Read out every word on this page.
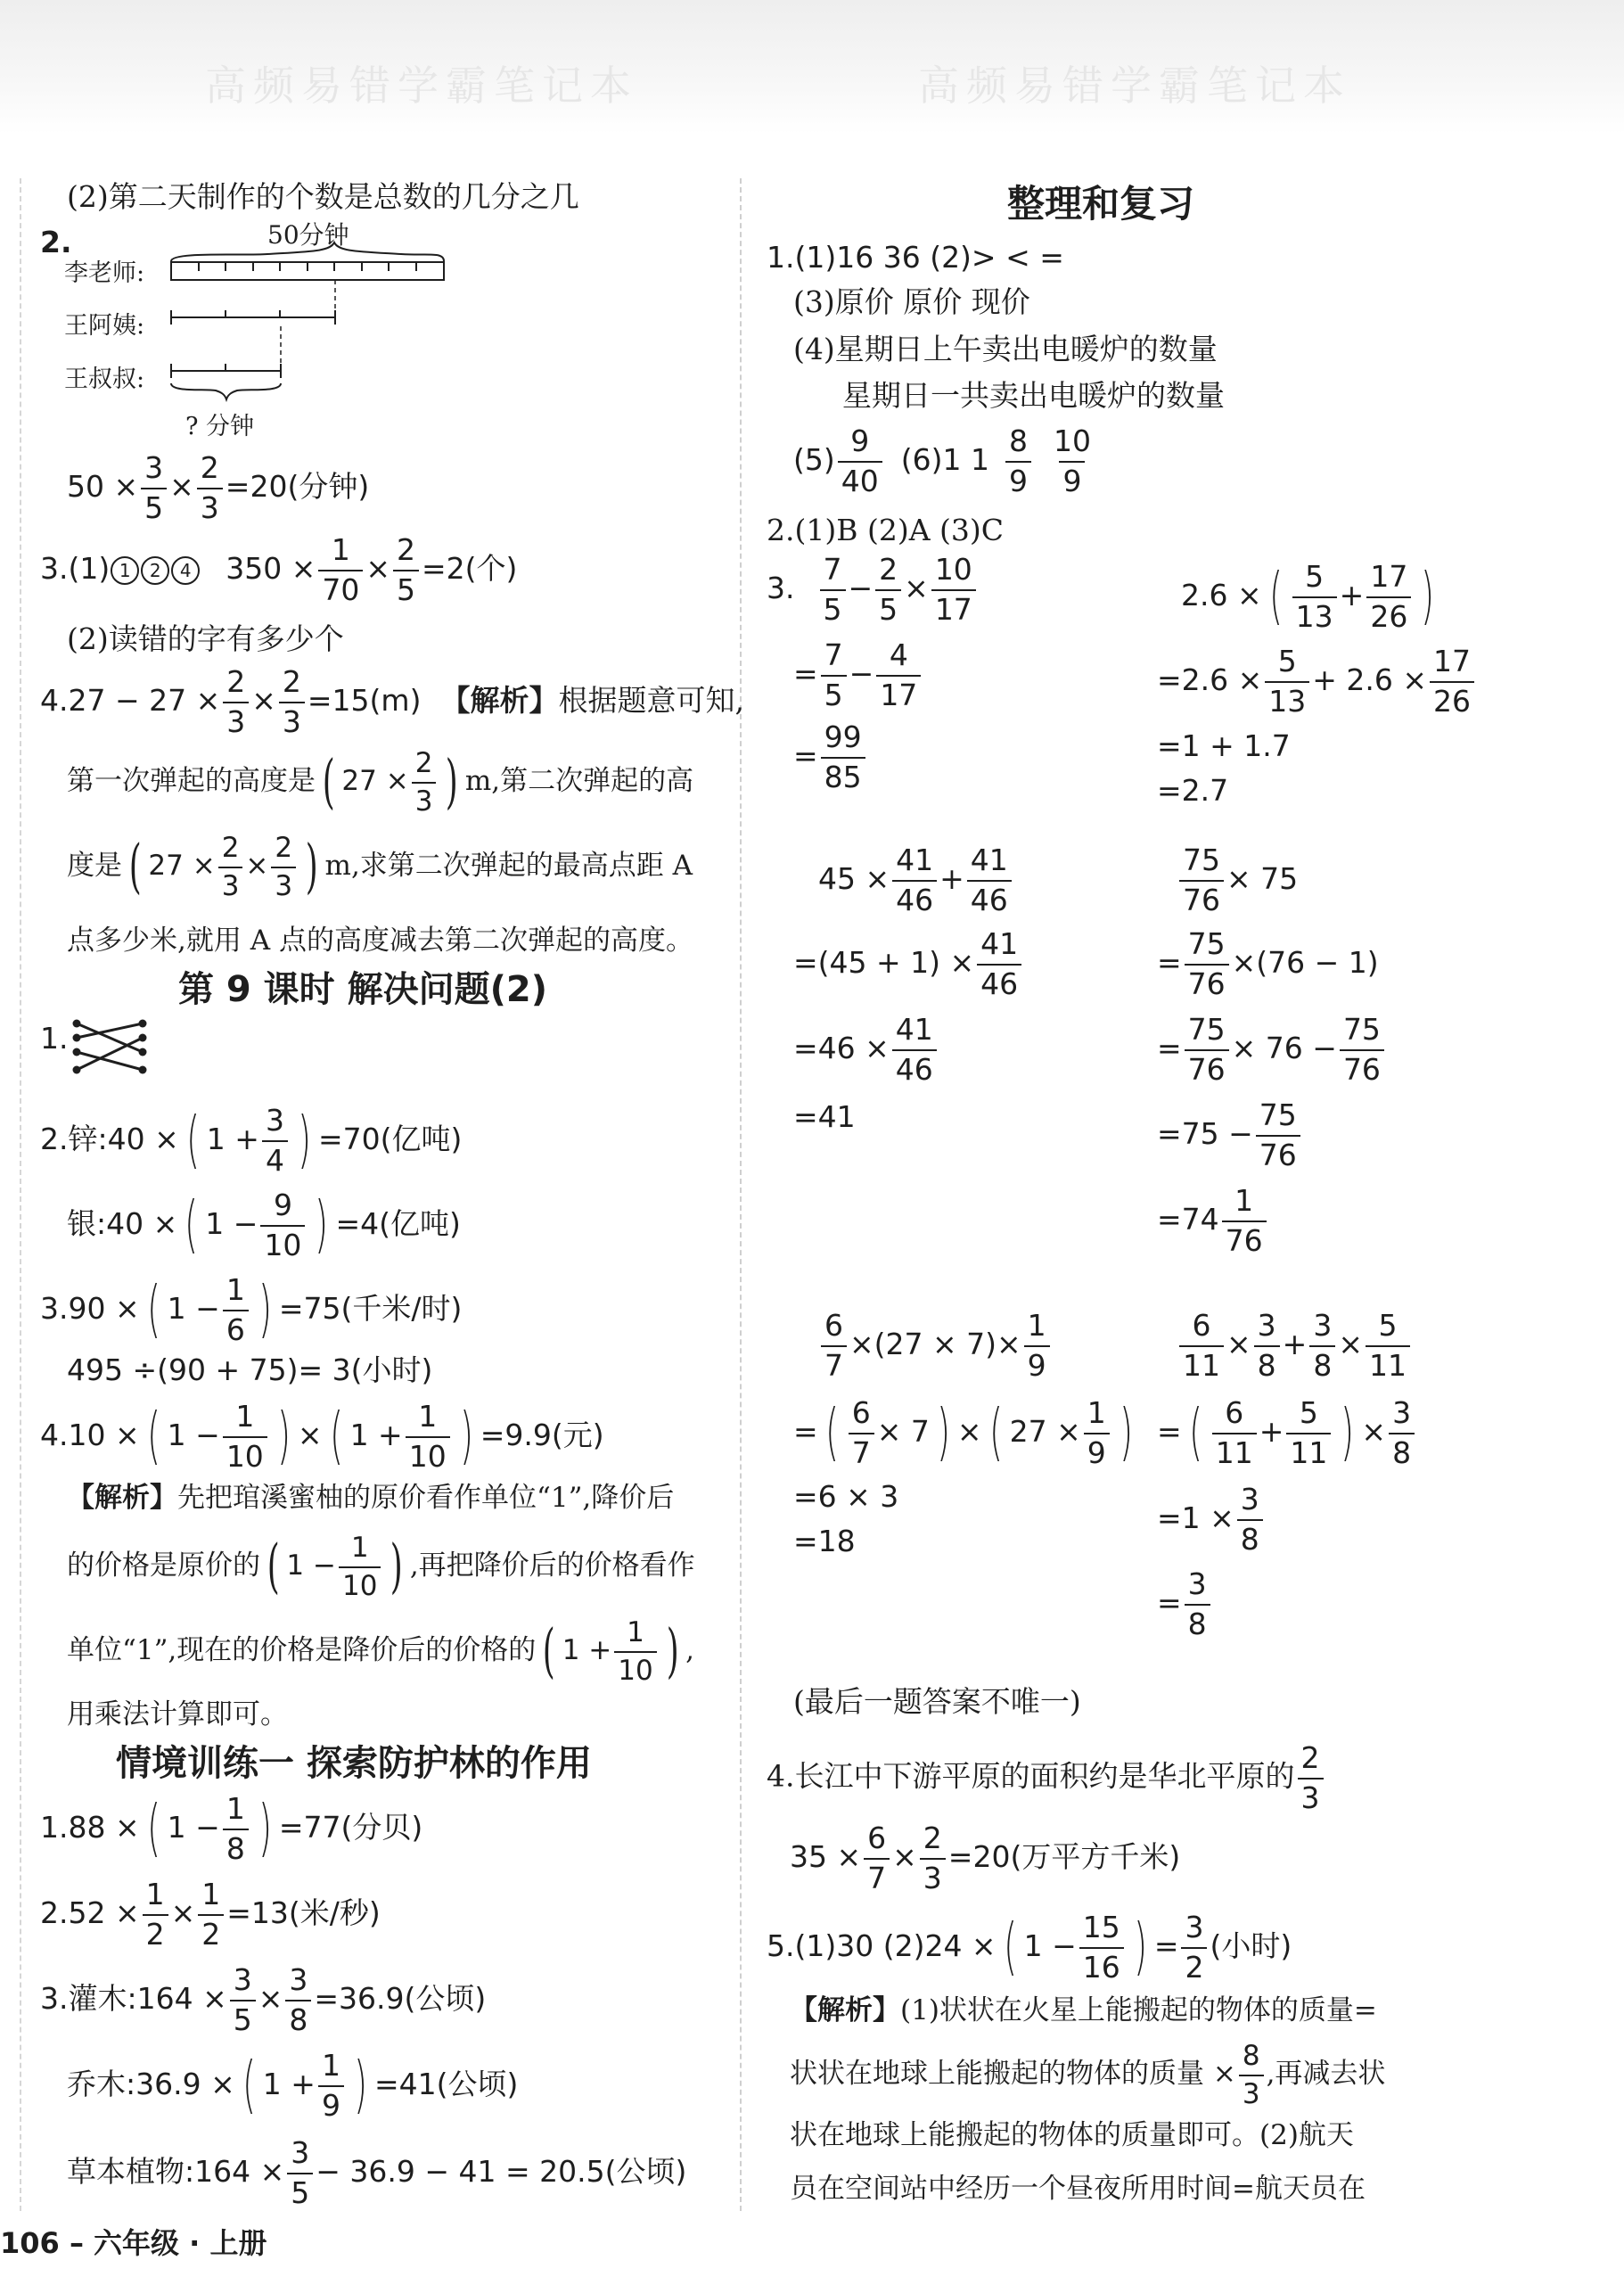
高频易错学霸笔记本	高频易错学霸笔记本
(2)第二天制作的个数是总数的几分之几
2.	50分钟
李老师:
王阿姨:
王叔叔:
? 分钟
$50 \times \frac{3}{5} \times \frac{2}{3} =20$(分钟)
3.(1) 1 2 4 $350 \times \frac{1}{70} \times \frac{2}{5} =2$(个)
(2)读错的字有多少个
$4.27 - 27 \times \frac{2}{3} \times \frac{2}{3} =15(m)$ 【解析】根据题意可知,
第一次弹起的高度是 ( $27 \times \frac{2}{3}$ ) m,第二次弹起的高
度是 ( $27 \times \frac{2}{3} \times \frac{2}{3}$ ) m,求第二次弹起的最高点距 A
点多少米,就用 A 点的高度减去第二次弹起的高度。
第 9 课时 解决问题(2)
1.
2.锌:40 × ( $1 + \frac{3}{4}$ ) =70(亿吨)
银:40 × ( $1 - \frac{9}{10}$ ) =4(亿吨)
3.90 × ( $1 - \frac{1}{6}$ ) =75(千米/时)
495 ÷(90 + 75)= 3(小时)
4.10 × ( $1 - \frac{1}{10}$ ) × ( $1 + \frac{1}{10}$ ) =9.9(元)
【解析】先把琯溪蜜柚的原价看作单位“1”,降价后
的价格是原价的 ( $1 - \frac{1}{10}$ ) ,再把降价后的价格看作
单位“1”,现在的价格是降价后的价格的 ( $1 + \frac{1}{10}$ ) ,
用乘法计算即可。
情境训练一 探索防护林的作用
1.88 × ( $1 - \frac{1}{8}$ ) =77(分贝)
$2.52 \times \frac{1}{2} \times \frac{1}{2} =13$(米/秒)
3.灌木:164 × $\frac{3}{5} \times \frac{3}{8} =36.9$(公顷)
乔木:36.9 × ( $1 + \frac{1}{9}$ ) =41(公顷)
草本植物:164 × $\frac{3}{5} - 36.9 - 41 = 20.5$(公顷)
106 – 六年级 · 上册
整理和复习
1.(1)16 36 (2)> < =
(3)原价 原价 现价
(4)星期日上午卖出电暖炉的数量
星期日一共卖出电暖炉的数量
$(5) \frac{9}{40} (6)1$ $1 \frac{8}{9} \frac{10}{9}$
2.(1)B (2)A (3)C
3. $\frac{7}{5} - \frac{2}{5} \times \frac{10}{17}$
= $\frac{7}{5} - \frac{4}{17}$
= $\frac{99}{85}$
2.6 × ( $\frac{5}{13} + \frac{17}{26}$ )
$=2.6 \times \frac{5}{13} + 2.6 \times \frac{17}{26}$
=1 + 1.7
=2.7
$45 \times \frac{41}{46} + \frac{41}{46}$
$=(45 + 1) \times \frac{41}{46}$
$=46 \times \frac{41}{46}$
=41
$\frac{75}{76} \times 75$
= $\frac{75}{76} \times(76 - 1)$
= $\frac{75}{76} \times 76 - \frac{75}{76}$
$=75 - \frac{75}{76}$
$=74 \frac{1}{76}$
$\frac{6}{7} \times(27 \times 7)\times \frac{1}{9}$
= ( $\frac{6}{7} \times 7$ ) × ( $27 \times \frac{1}{9}$ )
=6 × 3
=18
$\frac{6}{11} \times \frac{3}{8} + \frac{3}{8} \times \frac{5}{11}$
= ( $\frac{6}{11} + \frac{5}{11}$ ) × $\frac{3}{8}$
$=1 \times \frac{3}{8}$
= $\frac{3}{8}$
(最后一题答案不唯一)
4.长江中下游平原的面积约是华北平原的 $\frac{2}{3}$
$35 \times \frac{6}{7} \times \frac{2}{3} =20$(万平方千米)
5.(1)30 (2)24 × ( $1 - \frac{15}{16}$ ) = $\frac{3}{2}$ (小时)
【解析】(1)状状在火星上能搬起的物体的质量=
状状在地球上能搬起的物体的质量 × $\frac{8}{3}$ ,再减去状
状在地球上能搬起的物体的质量即可。(2)航天
员在空间站中经历一个昼夜所用时间=航天员在
